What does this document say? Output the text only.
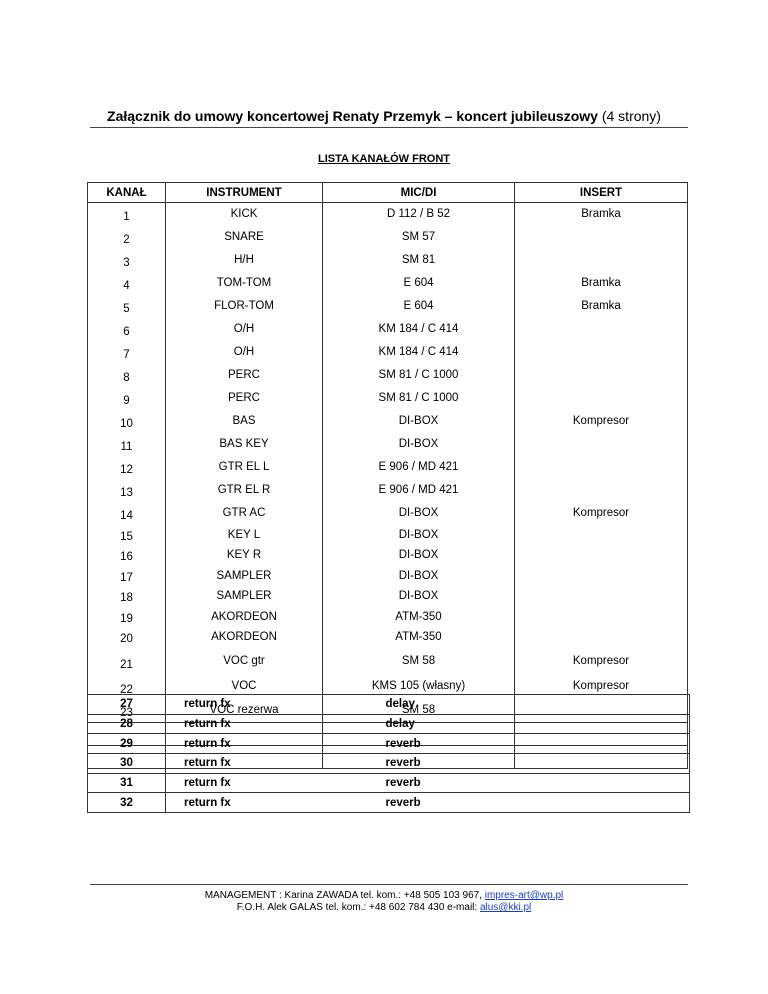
Załącznik do umowy koncertowej Renaty Przemyk – koncert jubileuszowy (4 strony)
LISTA KANAŁÓW FRONT
KANAŁ	INSTRUMENT	MIC/DI	INSERT
1	KICK	D 112 / B 52	Bramka
2	SNARE	SM 57	
3	H/H	SM 81	
4	TOM-TOM	E 604	Bramka
5	FLOR-TOM	E 604	Bramka
6	O/H	KM 184 / C 414	
7	O/H	KM 184 / C 414	
8	PERC	SM 81 / C 1000	
9	PERC	SM 81 / C 1000	
10	BAS	DI-BOX	Kompresor
11	BAS KEY	DI-BOX	
12	GTR EL L	E 906 / MD 421	
13	GTR EL R	E 906 / MD 421	
14	GTR AC	DI-BOX	Kompresor
15	KEY L	DI-BOX	
16	KEY R	DI-BOX	
17	SAMPLER	DI-BOX	
18	SAMPLER	DI-BOX	
19	AKORDEON	ATM-350	
20	AKORDEON	ATM-350	
21	VOC gtr	SM 58	Kompresor
22	VOC	KMS 105 (własny)	Kompresor
23	VOC rezerwa	SM 58	

27	return fx	delay
28	return fx	delay
29	return fx	reverb
30	return fx	reverb
31	return fx	reverb
32	return fx	reverb
MANAGEMENT : Karina ZAWADA tel. kom.: +48 505 103 967, impres-art@wp.pl
F.O.H. Alek GALAS tel. kom.: +48 602 784 430 e-mail: alus@kki.pl
